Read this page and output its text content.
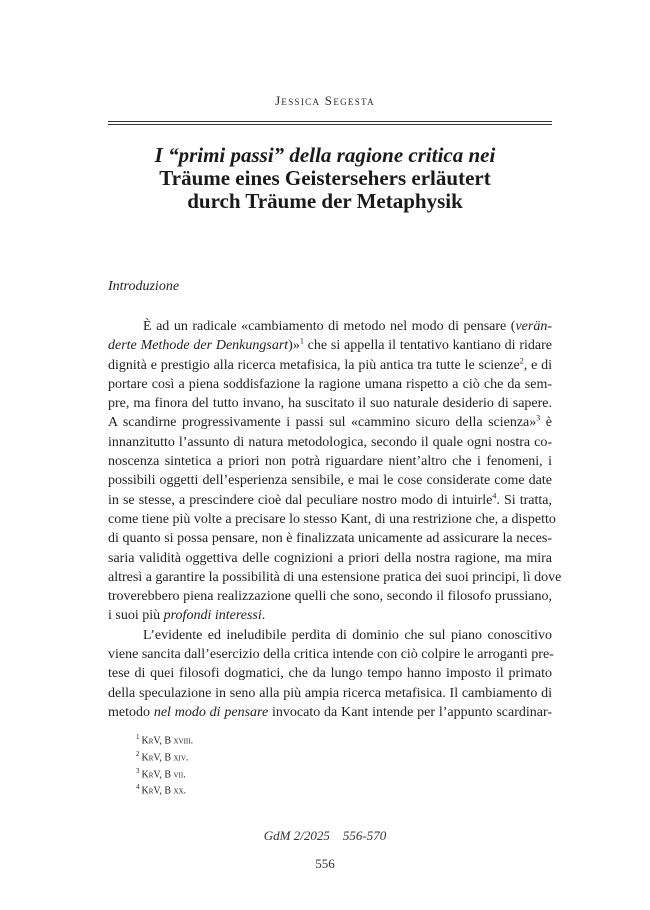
Jessica Segesta
I “primi passi” della ragione critica nei
Träume eines Geistersehers erläutert
durch Träume der Metaphysik
Introduzione
È ad un radicale «cambiamento di metodo nel modo di pensare (verän-
derte Methode der Denkungsart)»$^1$ che si appella il tentativo kantiano di ridare
dignità e prestigio alla ricerca metafisica, la più antica tra tutte le scienze$^2$, e di
portare così a piena soddisfazione la ragione umana rispetto a ciò che da sem-
pre, ma finora del tutto invano, ha suscitato il suo naturale desiderio di sapere.
A scandirne progressivamente i passi sul «cammino sicuro della scienza»$^3$ è
innanzitutto l’assunto di natura metodologica, secondo il quale ogni nostra co-
noscenza sintetica a priori non potrà riguardare nient’altro che i fenomeni, i
possibili oggetti dell’esperienza sensibile, e mai le cose considerate come date
in se stesse, a prescindere cioè dal peculiare nostro modo di intuirle$^4$. Si tratta,
come tiene più volte a precisare lo stesso Kant, di una restrizione che, a dispetto
di quanto si possa pensare, non è finalizzata unicamente ad assicurare la neces-
saria validità oggettiva delle cognizioni a priori della nostra ragione, ma mira
altresì a garantire la possibilità di una estensione pratica dei suoi principi, lì dove
troverebbero piena realizzazione quelli che sono, secondo il filosofo prussiano,
i suoi più profondi interessi.
L’evidente ed ineludibile perdita di dominio che sul piano conoscitivo
viene sancita dall’esercizio della critica intende con ciò colpire le arroganti pre-
tese di quei filosofi dogmatici, che da lungo tempo hanno imposto il primato
della speculazione in seno alla più ampia ricerca metafisica. Il cambiamento di
metodo nel modo di pensare invocato da Kant intende per l’appunto scardinar-
$^1$ KrV, B xviii.
$^2$ KrV, B xiv.
$^3$ KrV, B vii.
$^4$ KrV, B xx.
GdM 2/2025    556-570
556
